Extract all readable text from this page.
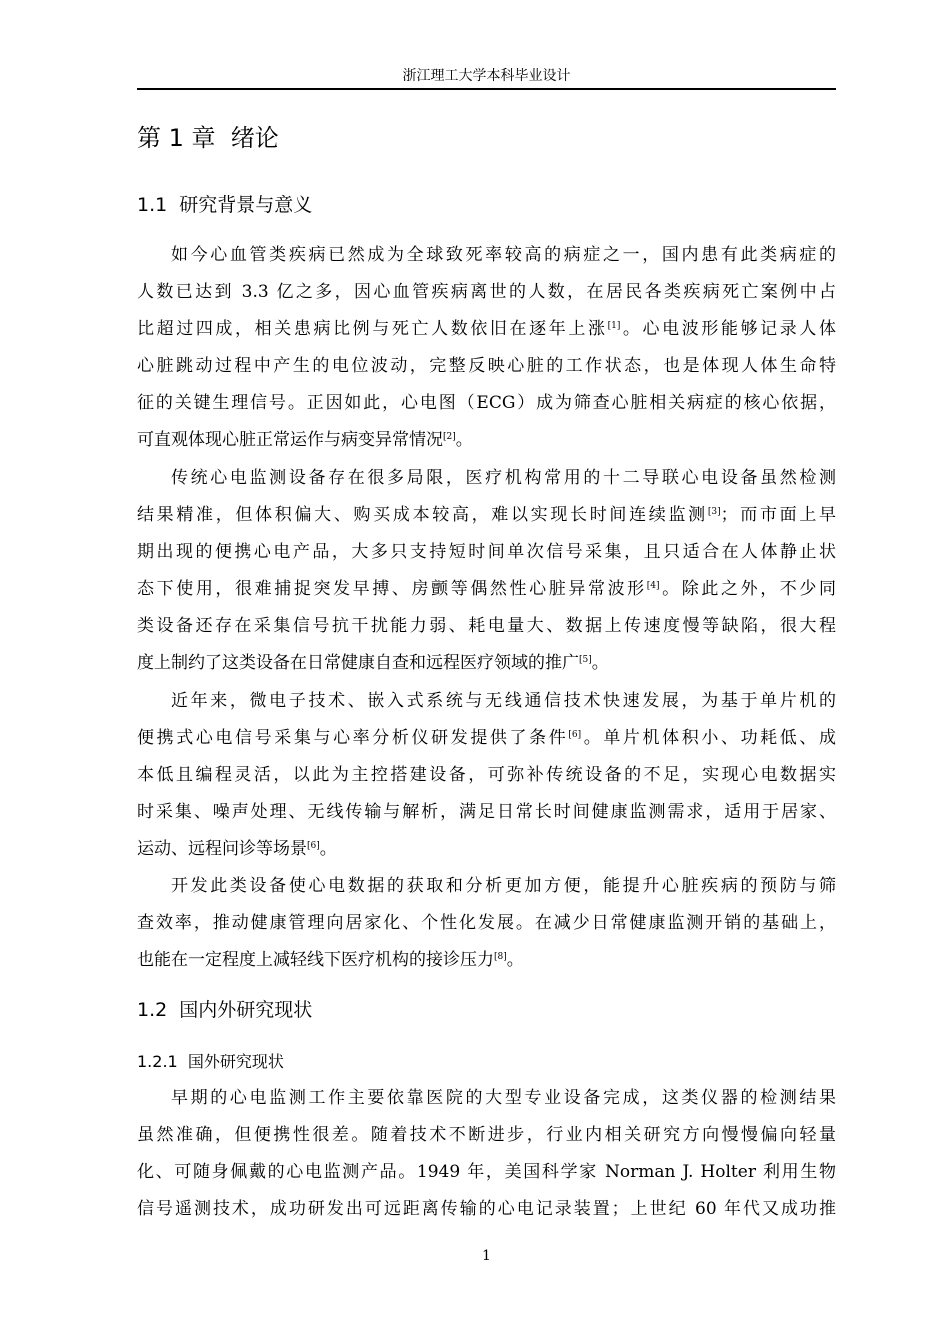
浙江理工大学本科毕业设计
第 1 章  绪论
1.1  研究背景与意义
如今心血管类疾病已然成为全球致死率较高的病症之一，国内患有此类病症的
人数已达到 3.3 亿之多，因心血管疾病离世的人数，在居民各类疾病死亡案例中占
比超过四成，相关患病比例与死亡人数依旧在逐年上涨[1]。心电波形能够记录人体
心脏跳动过程中产生的电位波动，完整反映心脏的工作状态，也是体现人体生命特
征的关键生理信号。正因如此，心电图（ECG）成为筛查心脏相关病症的核心依据，
可直观体现心脏正常运作与病变异常情况[2]。
传统心电监测设备存在很多局限，医疗机构常用的十二导联心电设备虽然检测
结果精准，但体积偏大、购买成本较高，难以实现长时间连续监测[3]；而市面上早
期出现的便携心电产品，大多只支持短时间单次信号采集，且只适合在人体静止状
态下使用，很难捕捉突发早搏、房颤等偶然性心脏异常波形[4]。除此之外，不少同
类设备还存在采集信号抗干扰能力弱、耗电量大、数据上传速度慢等缺陷，很大程
度上制约了这类设备在日常健康自查和远程医疗领域的推广[5]。
近年来，微电子技术、嵌入式系统与无线通信技术快速发展，为基于单片机的
便携式心电信号采集与心率分析仪研发提供了条件[6]。单片机体积小、功耗低、成
本低且编程灵活，以此为主控搭建设备，可弥补传统设备的不足，实现心电数据实
时采集、噪声处理、无线传输与解析，满足日常长时间健康监测需求，适用于居家、
运动、远程问诊等场景[6]。
开发此类设备使心电数据的获取和分析更加方便，能提升心脏疾病的预防与筛
查效率，推动健康管理向居家化、个性化发展。在减少日常健康监测开销的基础上，
也能在一定程度上减轻线下医疗机构的接诊压力[8]。
1.2  国内外研究现状
1.2.1  国外研究现状
早期的心电监测工作主要依靠医院的大型专业设备完成，这类仪器的检测结果
虽然准确，但便携性很差。随着技术不断进步，行业内相关研究方向慢慢偏向轻量
化、可随身佩戴的心电监测产品。1949 年，美国科学家 Norman J. Holter 利用生物
信号遥测技术，成功研发出可远距离传输的心电记录装置；上世纪 60 年代又成功推
1
